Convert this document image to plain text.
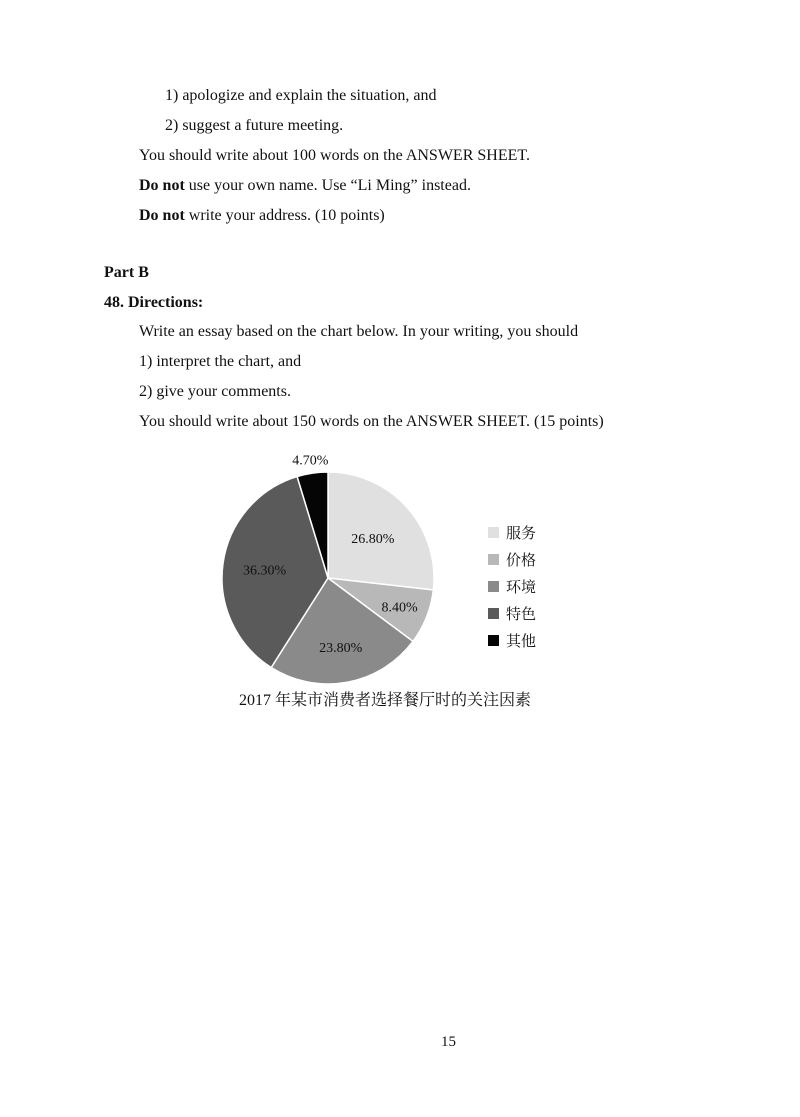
1) apologize and explain the situation, and
2) suggest a future meeting.
You should write about 100 words on the ANSWER SHEET.
Do not use your own name. Use “Li Ming” instead.
Do not write your address. (10 points)
Part B
48. Directions:
Write an essay based on the chart below. In your writing, you should
1) interpret the chart, and
2) give your comments.
You should write about 150 words on the ANSWER SHEET. (15 points)
26.80%
8.40%
23.80%
36.30%
4.70%
服务
价格
环境
特色
其他
2017 年某市消费者选择餐厅时的关注因素
15
